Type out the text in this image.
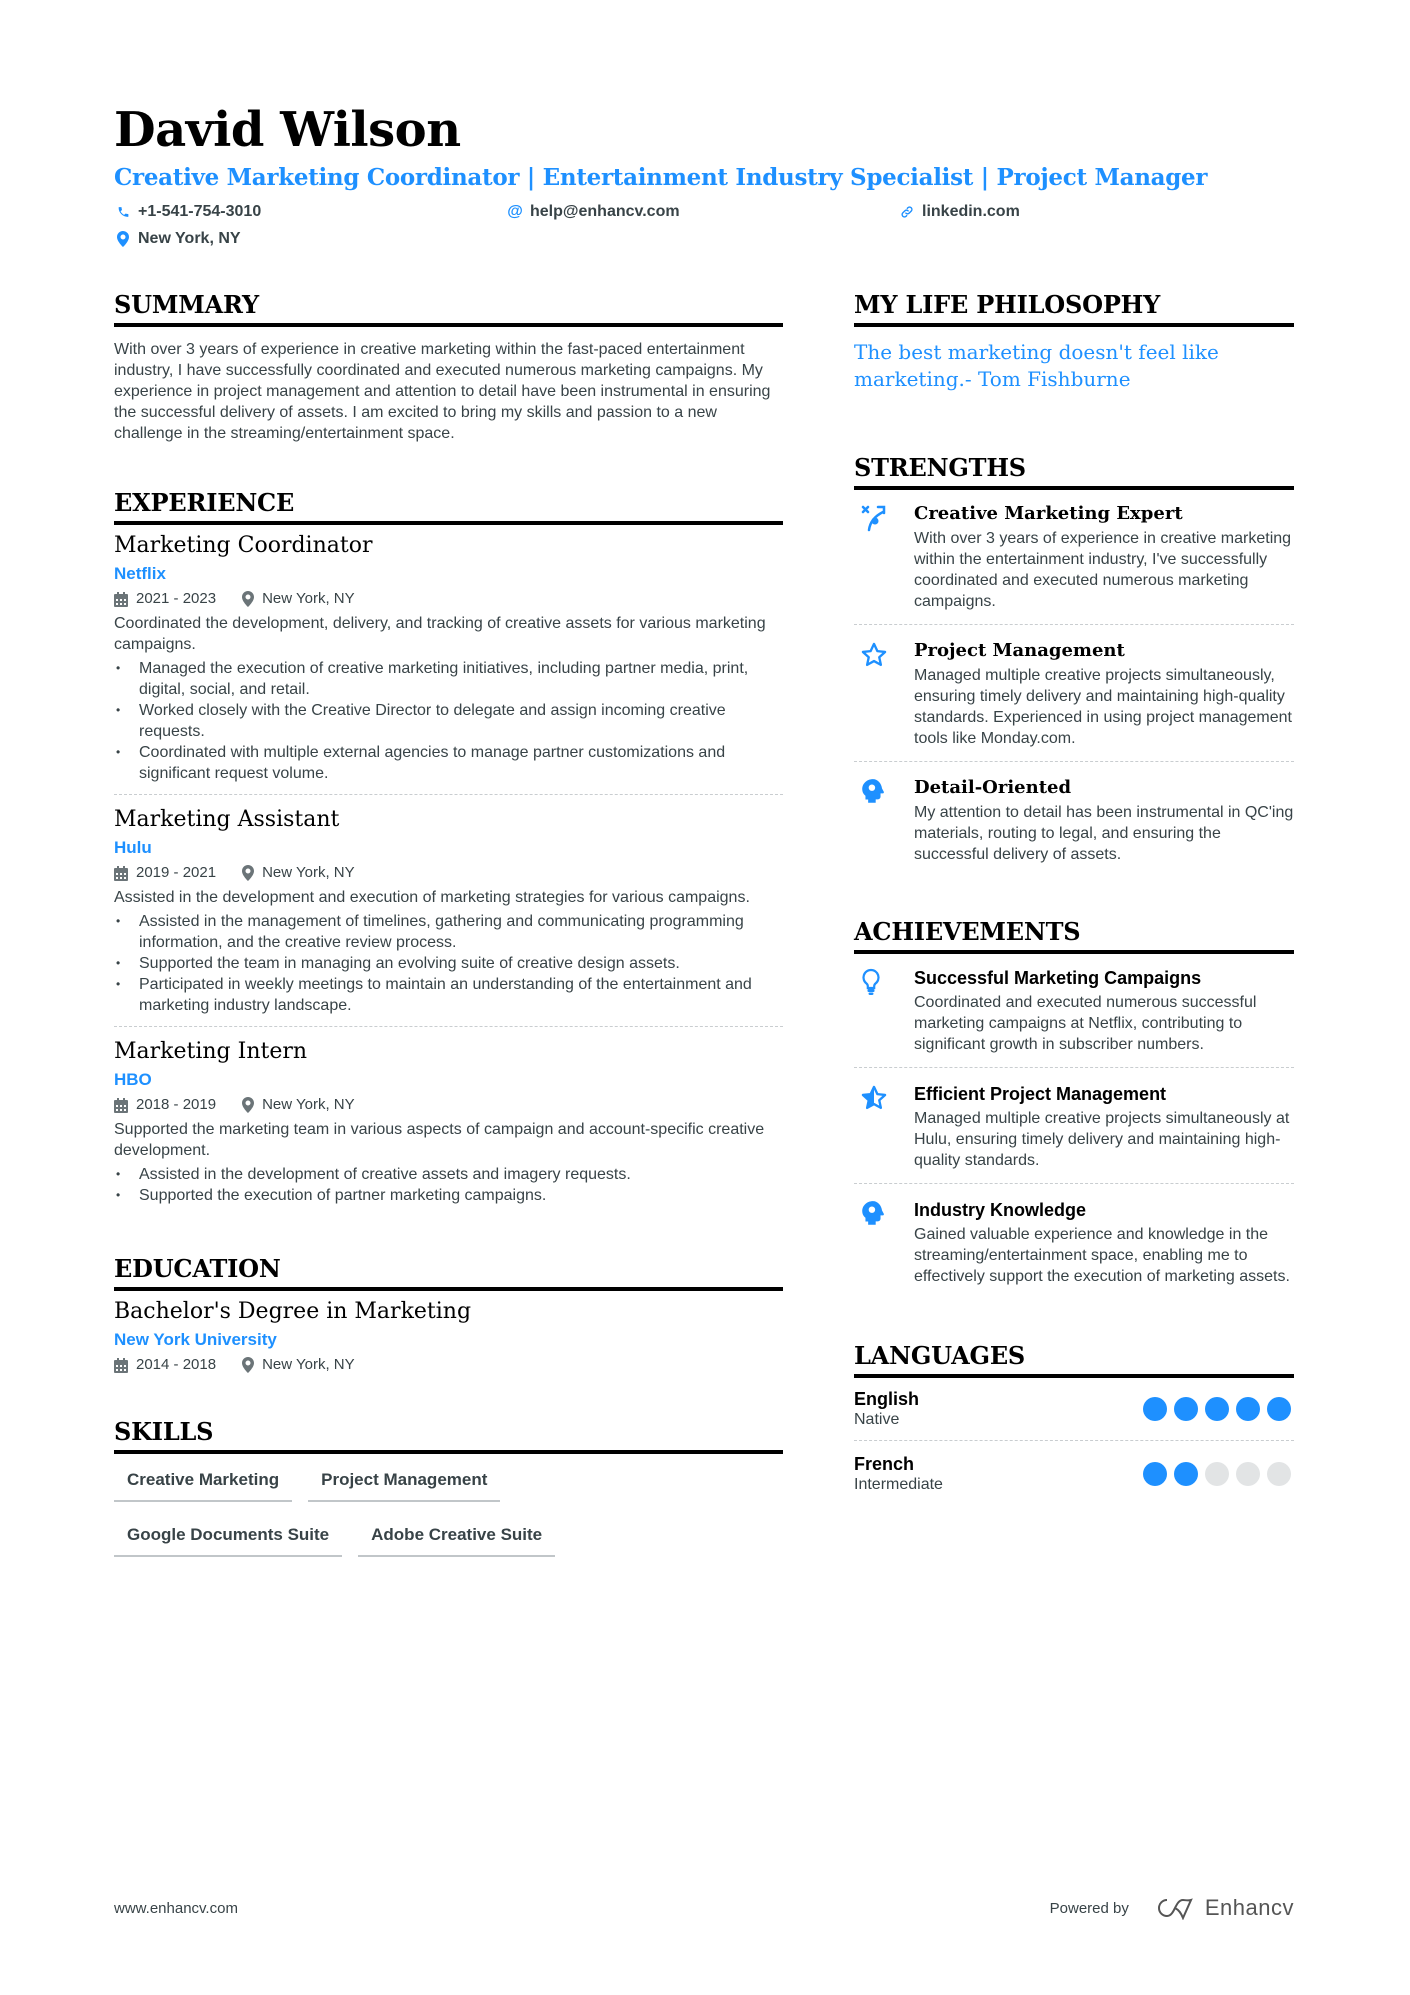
David Wilson
Creative Marketing Coordinator | Entertainment Industry Specialist | Project Manager
+1-541-754-3010	@ help@enhancv.com	linkedin.com
New York, NY
SUMMARY
With over 3 years of experience in creative marketing within the fast-paced entertainment industry, I have successfully coordinated and executed numerous marketing campaigns. My experience in project management and attention to detail have been instrumental in ensuring the successful delivery of assets. I am excited to bring my skills and passion to a new challenge in the streaming/entertainment space.
EXPERIENCE
Marketing Coordinator
Netflix
2021 - 2023	New York, NY
Coordinated the development, delivery, and tracking of creative assets for various marketing campaigns.
• Managed the execution of creative marketing initiatives, including partner media, print, digital, social, and retail.
• Worked closely with the Creative Director to delegate and assign incoming creative requests.
• Coordinated with multiple external agencies to manage partner customizations and significant request volume.
Marketing Assistant
Hulu
2019 - 2021	New York, NY
Assisted in the development and execution of marketing strategies for various campaigns.
• Assisted in the management of timelines, gathering and communicating programming information, and the creative review process.
• Supported the team in managing an evolving suite of creative design assets.
• Participated in weekly meetings to maintain an understanding of the entertainment and marketing industry landscape.
Marketing Intern
HBO
2018 - 2019	New York, NY
Supported the marketing team in various aspects of campaign and account-specific creative development.
• Assisted in the development of creative assets and imagery requests.
• Supported the execution of partner marketing campaigns.
EDUCATION
Bachelor's Degree in Marketing
New York University
2014 - 2018	New York, NY
SKILLS
Creative Marketing	Project Management
Google Documents Suite	Adobe Creative Suite
MY LIFE PHILOSOPHY
The best marketing doesn't feel like marketing.- Tom Fishburne
STRENGTHS
Creative Marketing Expert
With over 3 years of experience in creative marketing within the entertainment industry, I've successfully coordinated and executed numerous marketing campaigns.
Project Management
Managed multiple creative projects simultaneously, ensuring timely delivery and maintaining high-quality standards. Experienced in using project management tools like Monday.com.
Detail-Oriented
My attention to detail has been instrumental in QC'ing materials, routing to legal, and ensuring the successful delivery of assets.
ACHIEVEMENTS
Successful Marketing Campaigns
Coordinated and executed numerous successful marketing campaigns at Netflix, contributing to significant growth in subscriber numbers.
Efficient Project Management
Managed multiple creative projects simultaneously at Hulu, ensuring timely delivery and maintaining high-quality standards.
Industry Knowledge
Gained valuable experience and knowledge in the streaming/entertainment space, enabling me to effectively support the execution of marketing assets.
LANGUAGES
English
Native
French
Intermediate
www.enhancv.com	Powered by	Enhancv
